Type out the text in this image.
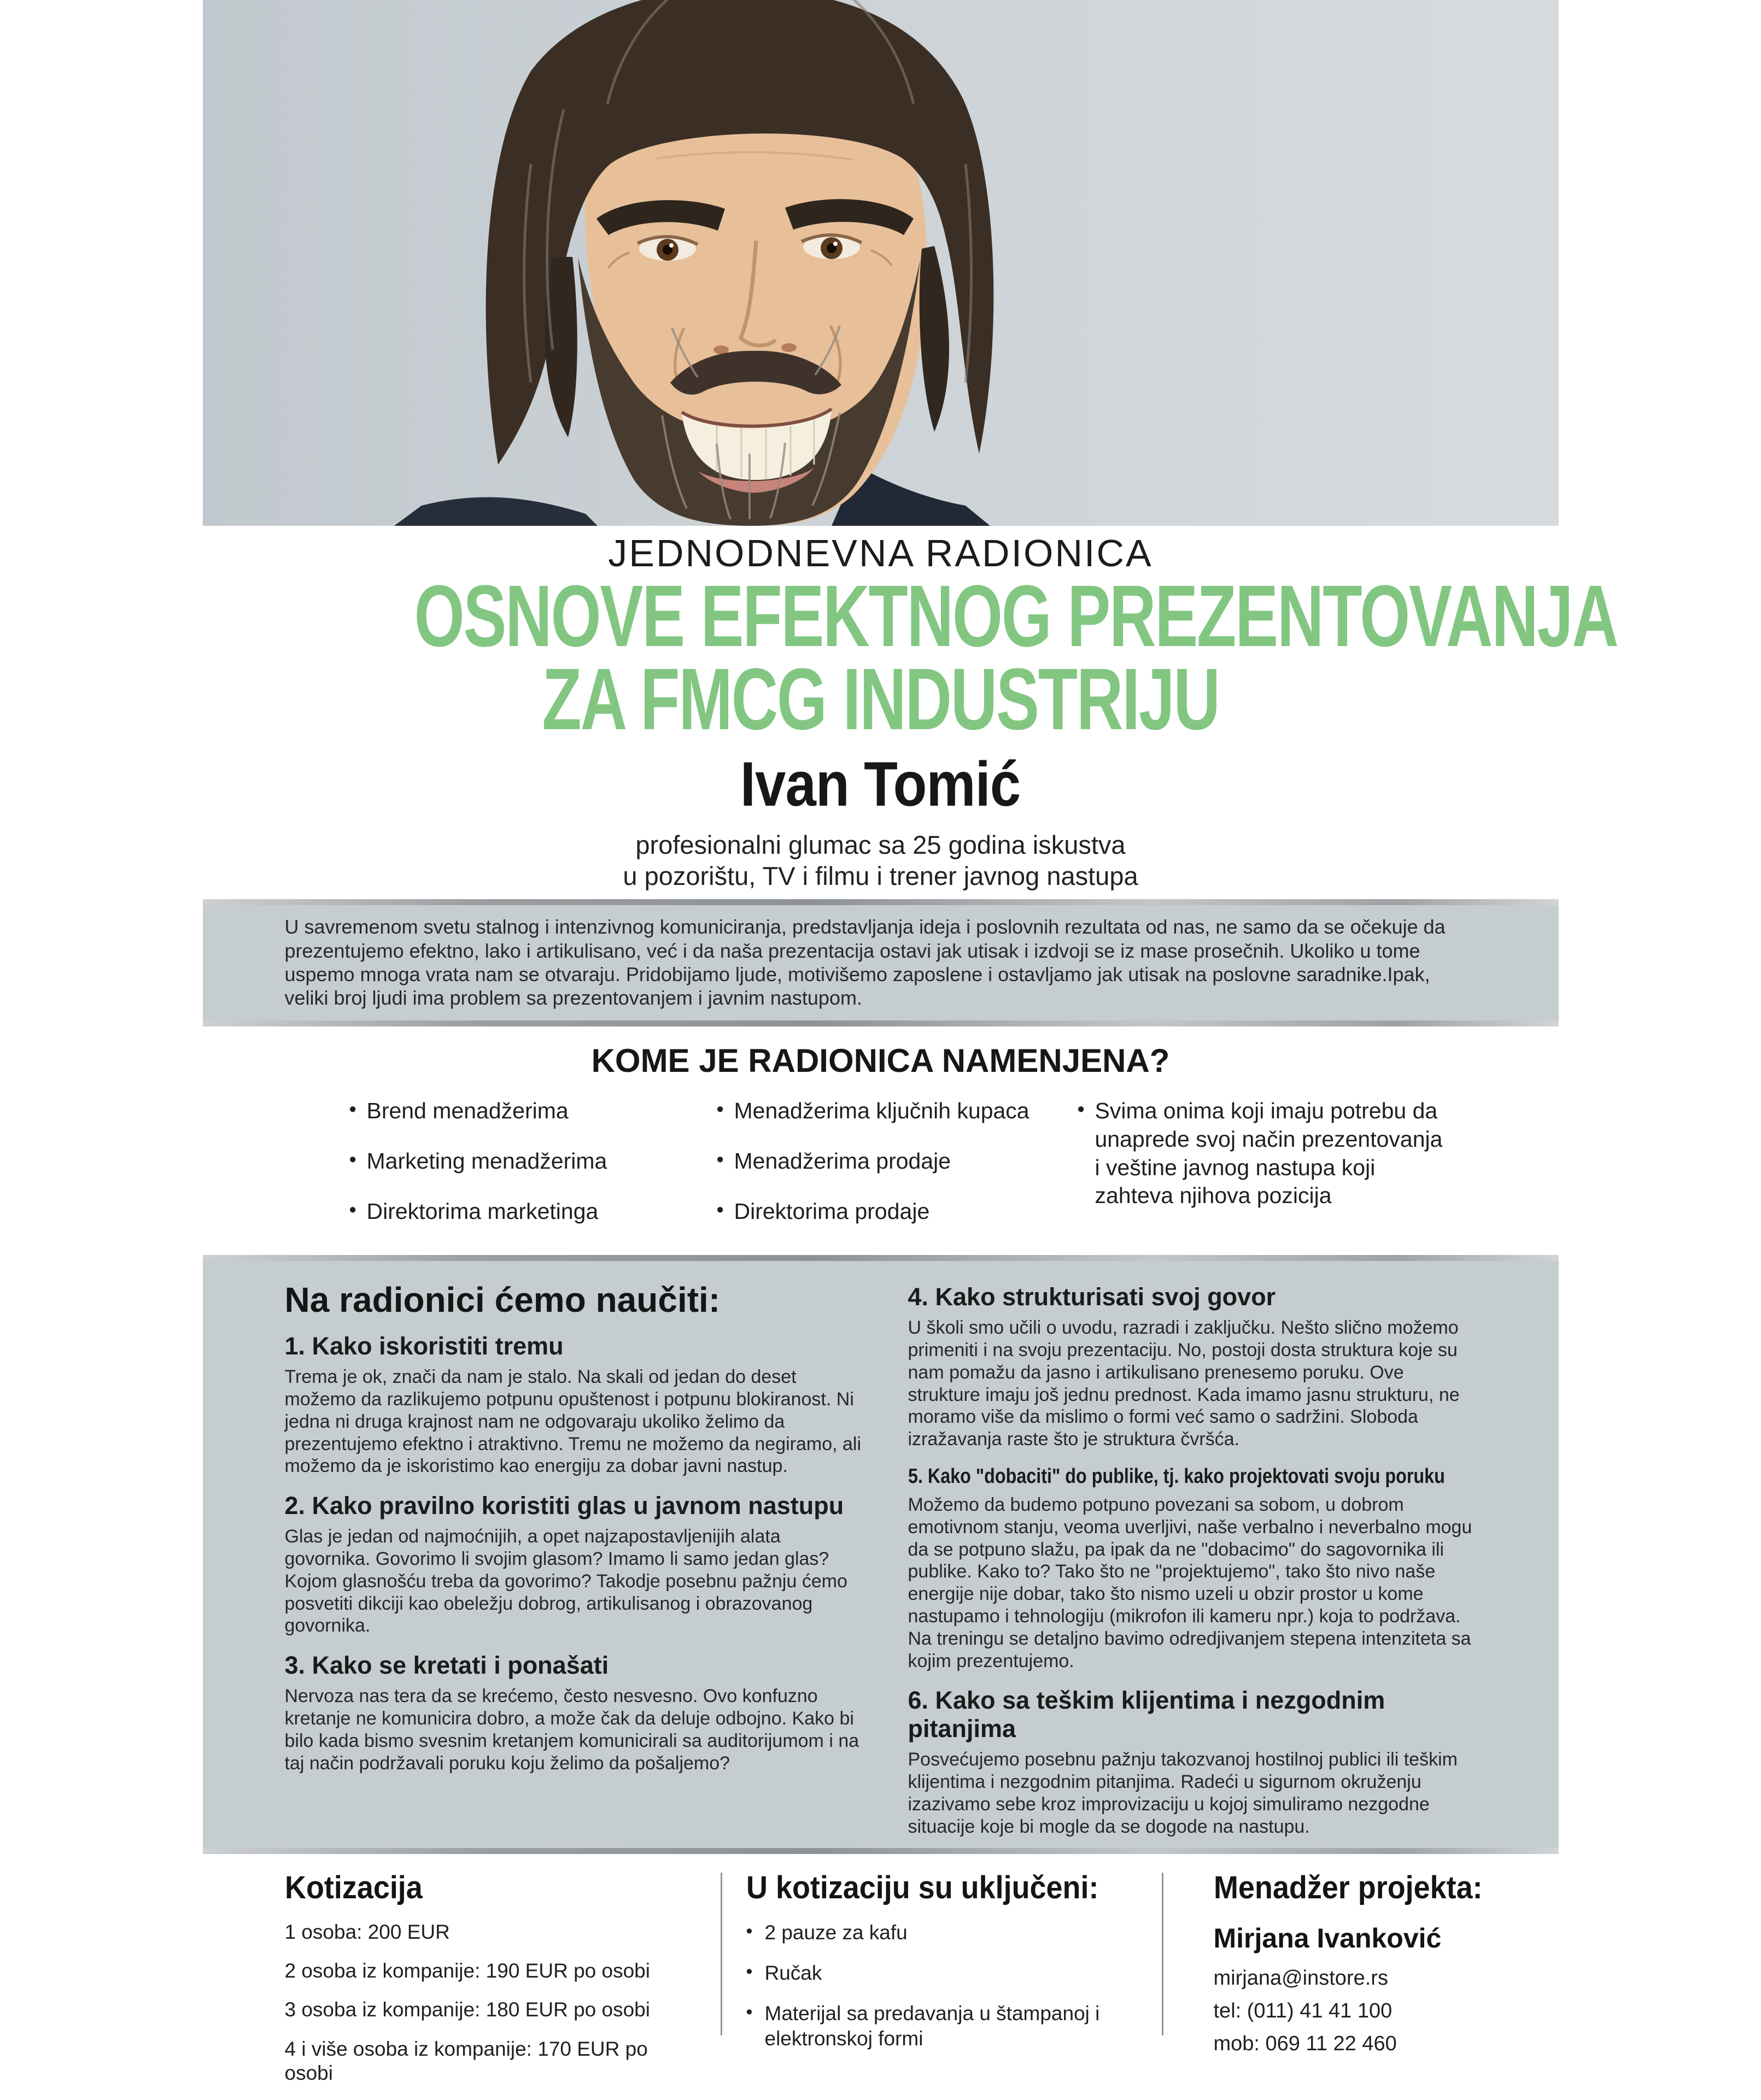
JEDNODNEVNA RADIONICA
OSNOVE EFEKTNOG PREZENTOVANJA
ZA FMCG INDUSTRIJU
Ivan Tomić
profesionalni glumac sa 25 godina iskustva
u pozorištu, TV i filmu i trener javnog nastupa

U savremenom svetu stalnog i intenzivnog komuniciranja, predstavljanja ideja i poslovnih rezultata od nas, ne samo da se očekuje da prezentujemo efektno, lako i artikulisano, već i da naša prezentacija ostavi jak utisak i izdvoji se iz mase prosečnih. Ukoliko u tome uspemo mnoga vrata nam se otvaraju. Pridobijamo ljude, motivišemo zaposlene i ostavljamo jak utisak na poslovne saradnike.Ipak, veliki broj ljudi ima problem sa prezentovanjem i javnim nastupom.

KOME JE RADIONICA NAMENJENA?
• Brend menadžerima
• Marketing menadžerima
• Direktorima marketinga
• Menadžerima ključnih kupaca
• Menadžerima prodaje
• Direktorima prodaje
• Svima onima koji imaju potrebu da unaprede svoj način prezentovanja i veštine javnog nastupa koji zahteva njihova pozicija
Na radionici ćemo naučiti:
1. Kako iskoristiti tremu

Trema je ok, znači da nam je stalo. Na skali od jedan do deset možemo da razlikujemo potpunu opuštenost i potpunu blokiranost. Ni jedna ni druga krajnost nam ne odgovaraju ukoliko želimo da prezentujemo efektno i atraktivno. Tremu ne možemo da negiramo, ali možemo da je iskoristimo kao energiju za dobar javni nastup.

2. Kako pravilno koristiti glas u javnom nastupu

Glas je jedan od najmoćnijih, a opet najzapostavljenijih alata govornika. Govorimo li svojim glasom? Imamo li samo jedan glas? Kojom glasnošću treba da govorimo? Takodje posebnu pažnju ćemo posvetiti dikciji kao obeležju dobrog, artikulisanog i obrazovanog govornika.

3. Kako se kretati i ponašati

Nervoza nas tera da se krećemo, često nesvesno. Ovo konfuzno kretanje ne komunicira dobro, a može čak da deluje odbojno. Kako bi bilo kada bismo svesnim kretanjem komunicirali sa auditorijumom i na taj način podržavali poruku koju želimo da pošaljemo?

4. Kako strukturisati svoj govor

U školi smo učili o uvodu, razradi i zaključku. Nešto slično možemo primeniti i na svoju prezentaciju. No, postoji dosta struktura koje su nam pomažu da jasno i artikulisano prenesemo poruku. Ove strukture imaju još jednu prednost. Kada imamo jasnu strukturu, ne moramo više da mislimo o formi već samo o sadržini. Sloboda izražavanja raste što je struktura čvršća.

5. Kako "dobaciti" do publike, tj. kako projektovati svoju poruku

Možemo da budemo potpuno povezani sa sobom, u dobrom emotivnom stanju, veoma uverljivi, naše verbalno i neverbalno mogu da se potpuno slažu, pa ipak da ne "dobacimo" do sagovornika ili publike. Kako to? Tako što ne "projektujemo", tako što nivo naše energije nije dobar, tako što nismo uzeli u obzir prostor u kome nastupamo i tehnologiju (mikrofon ili kameru npr.) koja to podržava. Na treningu se detaljno bavimo odredjivanjem stepena intenziteta sa kojim prezentujemo.

6. Kako sa teškim klijentima i nezgodnim pitanjima

Posvećujemo posebnu pažnju takozvanoj hostilnoj publici ili teškim klijentima i nezgodnim pitanjima. Radeći u sigurnom okruženju izazivamo sebe kroz improvizaciju u kojoj simuliramo nezgodne situacije koje bi mogle da se dogode na nastupu.

Kotizacija
1 osoba: 200 EUR
2 osoba iz kompanije: 190 EUR po osobi
3 osoba iz kompanije: 180 EUR po osobi
4 i više osoba iz kompanije: 170 EUR po osobi
U kotizaciju su uključeni:
• 2 pauze za kafu
• Ručak
• Materijal sa predavanja u štampanoj i elektronskoj formi
Menadžer projekta:
Mirjana Ivanković
mirjana@instore.rs
tel: (011) 41 41 100
mob: 069 11 22 460
